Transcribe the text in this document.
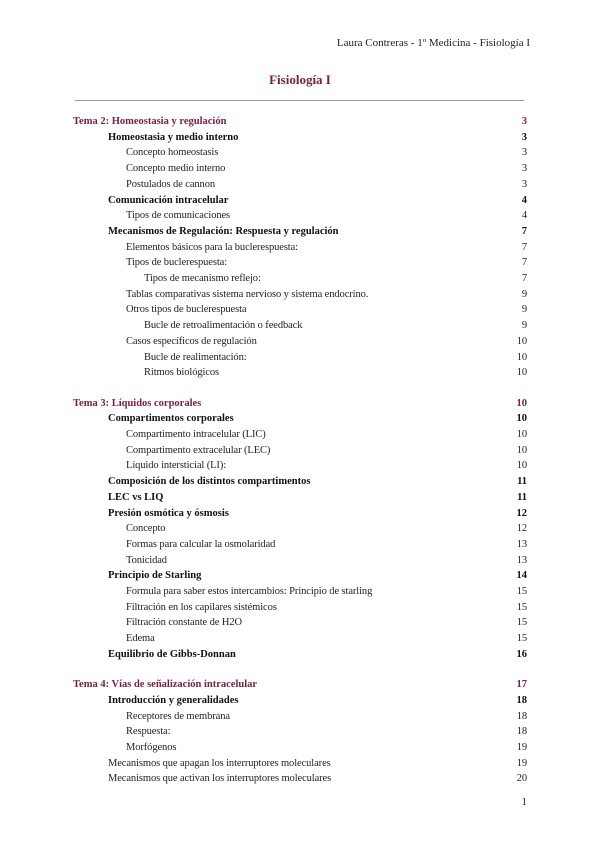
Laura Contreras - 1º Medicina - Fisiología I
Fisiología I
Tema 2: Homeostasia y regulación	3
Homeostasia y medio interno	3
Concepto homeostasis	3
Concepto medio interno	3
Postulados de cannon	3
Comunicación intracelular	4
Tipos de comunicaciones	4
Mecanismos de Regulación: Respuesta y regulación	7
Elementos básicos para la buclerespuesta:	7
Tipos de buclerespuesta:	7
Tipos de mecanismo reflejo:	7
Tablas comparativas sistema nervioso y sistema endocrino.	9
Otros tipos de buclerespuesta	9
Bucle de retroalimentación o feedback	9
Casos específicos de regulación	10
Bucle de realimentación:	10
Ritmos biológicos	10
Tema 3: Líquidos corporales	10
Compartimentos corporales	10
Compartimento intracelular (LIC)	10
Compartimento extracelular (LEC)	10
Líquido intersticial (LI):	10
Composición de los distintos compartimentos	11
LEC vs LIQ	11
Presión osmótica y ósmosis	12
Concepto	12
Formas para calcular la osmolaridad	13
Tonicidad	13
Principio de Starling	14
Formula para saber estos intercambios: Principio de starling	15
Filtración en los capilares sistémicos	15
Filtración constante de H2O	15
Edema	15
Equilibrio de Gibbs-Donnan	16
Tema 4: Vías de señalización intracelular	17
Introducción y generalidades	18
Receptores de membrana	18
Respuesta:	18
Morfógenos	19
Mecanismos que apagan los interruptores moleculares	19
Mecanismos que activan los interruptores moleculares	20
1
